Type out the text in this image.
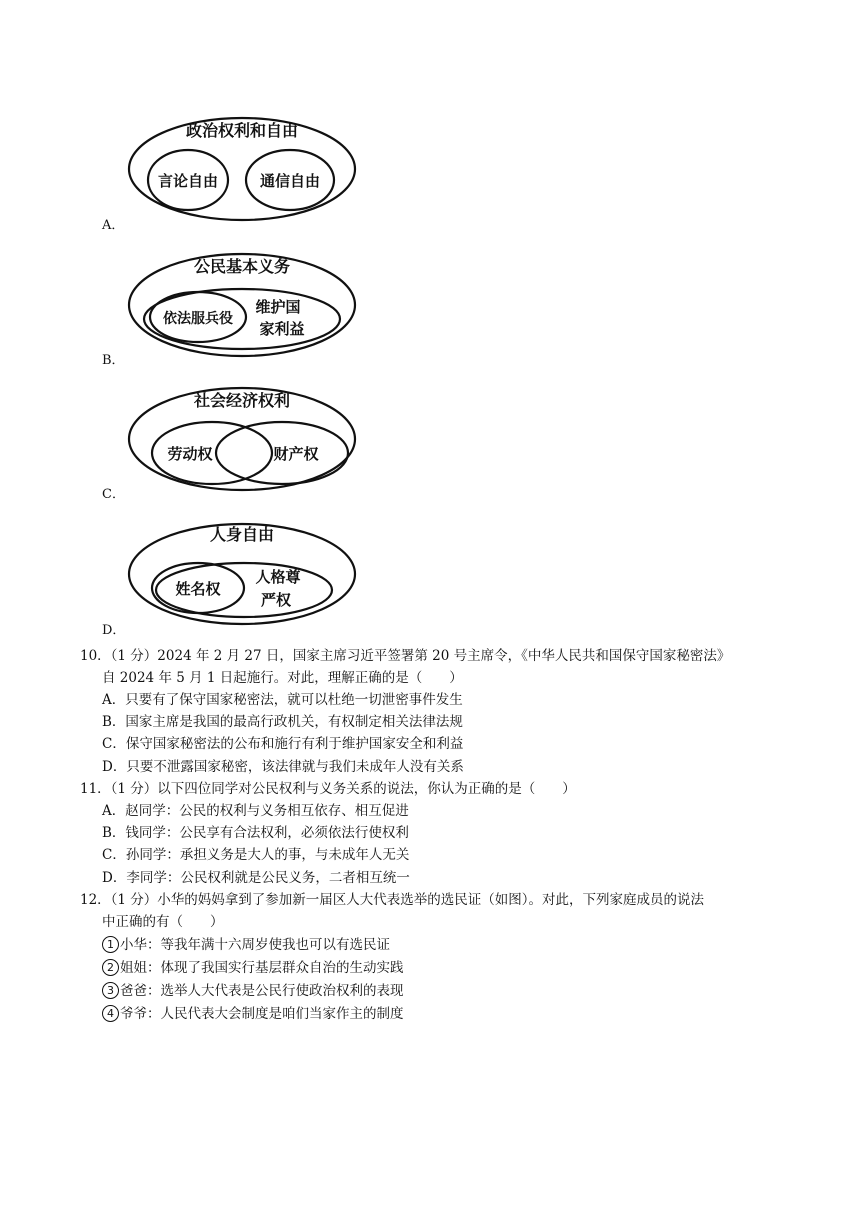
政治权利和自由
言论自由	通信自由
A．
公民基本义务
依法服兵役
维护国
家利益
B．
社会经济权利
劳动权	财产权
C．
人身自由
姓名权
人格尊
严权
D．
10．（1 分）2024 年 2 月 27 日，国家主席习近平签署第 20 号主席令，《中华人民共和国保守国家秘密法》
自 2024 年 5 月 1 日起施行。对此，理解正确的是（　　）
A．只要有了保守国家秘密法，就可以杜绝一切泄密事件发生
B．国家主席是我国的最高行政机关，有权制定相关法律法规
C．保守国家秘密法的公布和施行有利于维护国家安全和利益
D．只要不泄露国家秘密，该法律就与我们未成年人没有关系
11．（1 分）以下四位同学对公民权利与义务关系的说法，你认为正确的是（　　）
A．赵同学：公民的权利与义务相互依存、相互促进
B．钱同学：公民享有合法权利，必须依法行使权利
C．孙同学：承担义务是大人的事，与未成年人无关
D．李同学：公民权利就是公民义务，二者相互统一
12．（1 分）小华的妈妈拿到了参加新一届区人大代表选举的选民证（如图）。对此，下列家庭成员的说法
中正确的有（　　）
1 小华：等我年满十六周岁使我也可以有选民证
2 姐姐：体现了我国实行基层群众自治的生动实践
3 爸爸：选举人大代表是公民行使政治权利的表现
4 爷爷：人民代表大会制度是咱们当家作主的制度
